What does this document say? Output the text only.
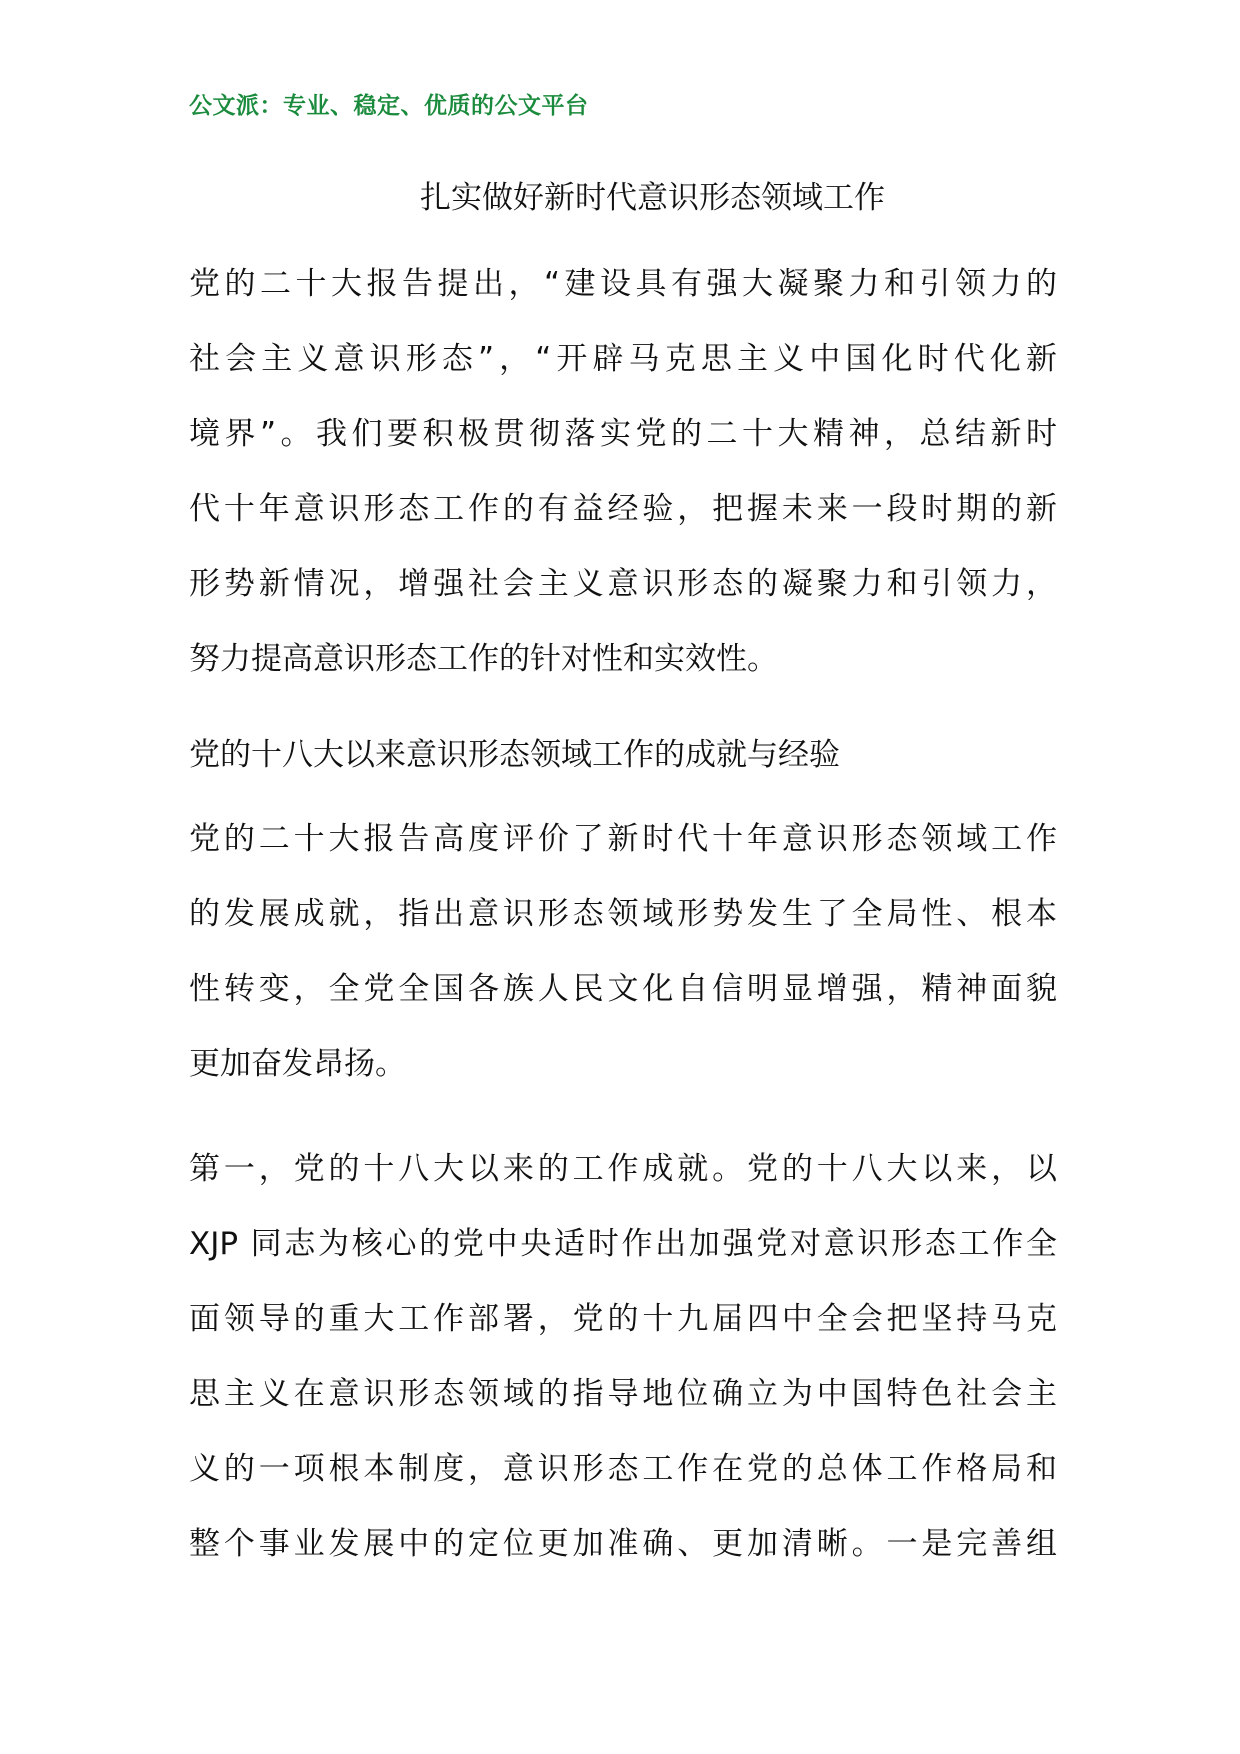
公文派：专业、稳定、优质的公文平台
扎实做好新时代意识形态领域工作
党的二十大报告提出，“建设具有强大凝聚力和引领力的
社会主义意识形态”，“开辟马克思主义中国化时代化新
境界”。我们要积极贯彻落实党的二十大精神，总结新时
代十年意识形态工作的有益经验，把握未来一段时期的新
形势新情况，增强社会主义意识形态的凝聚力和引领力，
努力提高意识形态工作的针对性和实效性。
党的十八大以来意识形态领域工作的成就与经验
党的二十大报告高度评价了新时代十年意识形态领域工作
的发展成就，指出意识形态领域形势发生了全局性、根本
性转变，全党全国各族人民文化自信明显增强，精神面貌
更加奋发昂扬。
第一，党的十八大以来的工作成就。党的十八大以来，以
XJP 同志为核心的党中央适时作出加强党对意识形态工作全
面领导的重大工作部署，党的十九届四中全会把坚持马克
思主义在意识形态领域的指导地位确立为中国特色社会主
义的一项根本制度，意识形态工作在党的总体工作格局和
整个事业发展中的定位更加准确、更加清晰。一是完善组
